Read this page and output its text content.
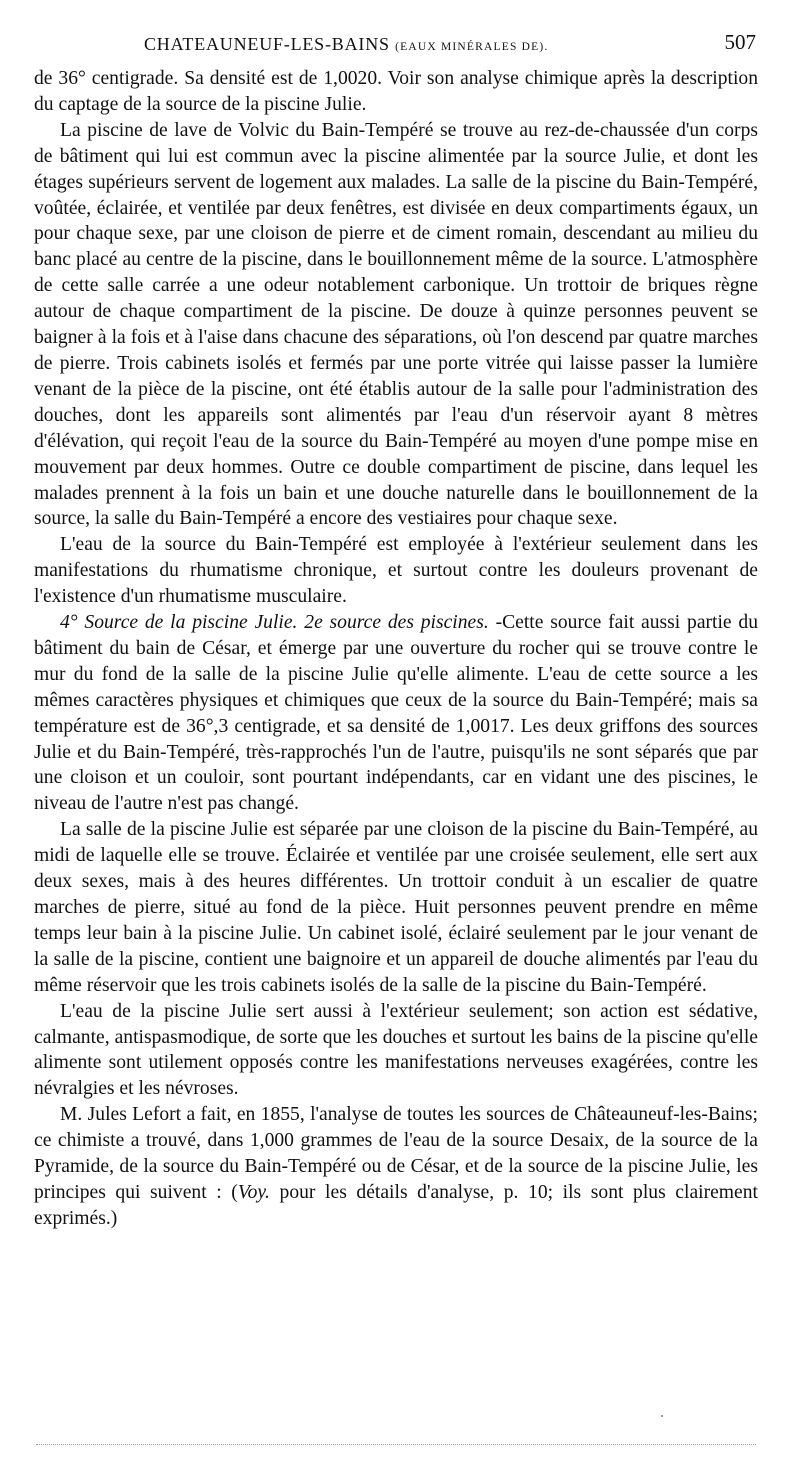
CHATEAUNEUF-LES-BAINS (EAUX MINÉRALES DE).	507

de 36° centigrade. Sa densité est de 1,0020. Voir son analyse chimique après la description du captage de la source de la piscine Julie.

La piscine de lave de Volvic du Bain-Tempéré se trouve au rez-de-chaussée d'un corps de bâtiment qui lui est commun avec la piscine alimentée par la source Julie, et dont les étages supérieurs servent de logement aux malades. La salle de la piscine du Bain-Tempéré, voûtée, éclairée, et ventilée par deux fenêtres, est divisée en deux compartiments égaux, un pour chaque sexe, par une cloison de pierre et de ciment romain, descendant au milieu du banc placé au centre de la piscine, dans le bouillonnement même de la source. L'atmosphère de cette salle carrée a une odeur notablement carbonique. Un trottoir de briques règne autour de chaque compartiment de la piscine. De douze à quinze personnes peuvent se baigner à la fois et à l'aise dans chacune des séparations, où l'on descend par quatre marches de pierre. Trois cabinets isolés et fermés par une porte vitrée qui laisse passer la lumière venant de la pièce de la piscine, ont été établis autour de la salle pour l'administration des douches, dont les appareils sont alimentés par l'eau d'un réservoir ayant 8 mètres d'élévation, qui reçoit l'eau de la source du Bain-Tempéré au moyen d'une pompe mise en mouvement par deux hommes. Outre ce double compartiment de piscine, dans lequel les malades prennent à la fois un bain et une douche naturelle dans le bouillonnement de la source, la salle du Bain-Tempéré a encore des vestiaires pour chaque sexe.

L'eau de la source du Bain-Tempéré est employée à l'extérieur seulement dans les manifestations du rhumatisme chronique, et surtout contre les douleurs provenant de l'existence d'un rhumatisme musculaire.

4° Source de la piscine Julie. 2e source des piscines. -Cette source fait aussi partie du bâtiment du bain de César, et émerge par une ouverture du rocher qui se trouve contre le mur du fond de la salle de la piscine Julie qu'elle alimente. L'eau de cette source a les mêmes caractères physiques et chimiques que ceux de la source du Bain-Tempéré; mais sa température est de 36°,3 centigrade, et sa densité de 1,0017. Les deux griffons des sources Julie et du Bain-Tempéré, très-rapprochés l'un de l'autre, puisqu'ils ne sont séparés que par une cloison et un couloir, sont pourtant indépendants, car en vidant une des piscines, le niveau de l'autre n'est pas changé.

La salle de la piscine Julie est séparée par une cloison de la piscine du Bain-Tempéré, au midi de laquelle elle se trouve. Éclairée et ventilée par une croisée seulement, elle sert aux deux sexes, mais à des heures différentes. Un trottoir conduit à un escalier de quatre marches de pierre, situé au fond de la pièce. Huit personnes peuvent prendre en même temps leur bain à la piscine Julie. Un cabinet isolé, éclairé seulement par le jour venant de la salle de la piscine, contient une baignoire et un appareil de douche alimentés par l'eau du même réservoir que les trois cabinets isolés de la salle de la piscine du Bain-Tempéré.

L'eau de la piscine Julie sert aussi à l'extérieur seulement; son action est sédative, calmante, antispasmodique, de sorte que les douches et surtout les bains de la piscine qu'elle alimente sont utilement opposés contre les manifestations nerveuses exagérées, contre les névralgies et les névroses.

M. Jules Lefort a fait, en 1855, l'analyse de toutes les sources de Châteauneuf-les-Bains; ce chimiste a trouvé, dans 1,000 grammes de l'eau de la source Desaix, de la source de la Pyramide, de la source du Bain-Tempéré ou de César, et de la source de la piscine Julie, les principes qui suivent : (Voy. pour les détails d'analyse, p. 10; ils sont plus clairement exprimés.)
